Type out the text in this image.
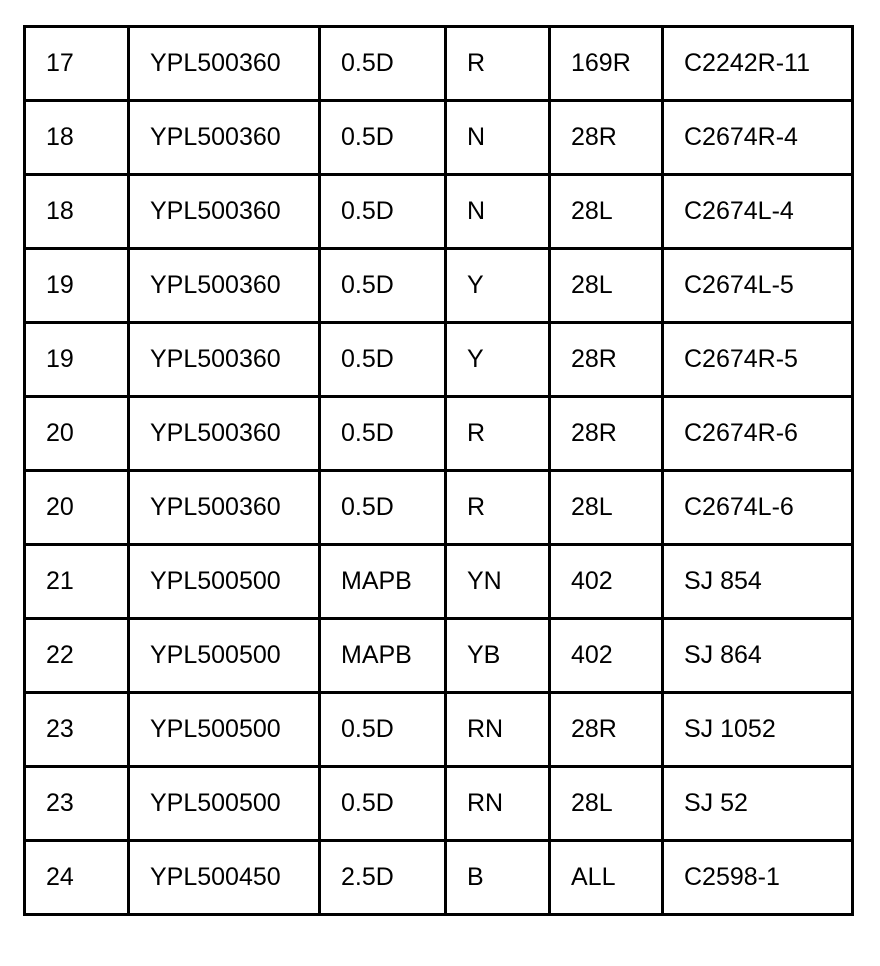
17	YPL500360	0.5D	R	169R	C2242R-11
18	YPL500360	0.5D	N	28R	C2674R-4
18	YPL500360	0.5D	N	28L	C2674L-4
19	YPL500360	0.5D	Y	28L	C2674L-5
19	YPL500360	0.5D	Y	28R	C2674R-5
20	YPL500360	0.5D	R	28R	C2674R-6
20	YPL500360	0.5D	R	28L	C2674L-6
21	YPL500500	MAPB	YN	402	SJ 854
22	YPL500500	MAPB	YB	402	SJ 864
23	YPL500500	0.5D	RN	28R	SJ 1052
23	YPL500500	0.5D	RN	28L	SJ 52
24	YPL500450	2.5D	B	ALL	C2598-1
